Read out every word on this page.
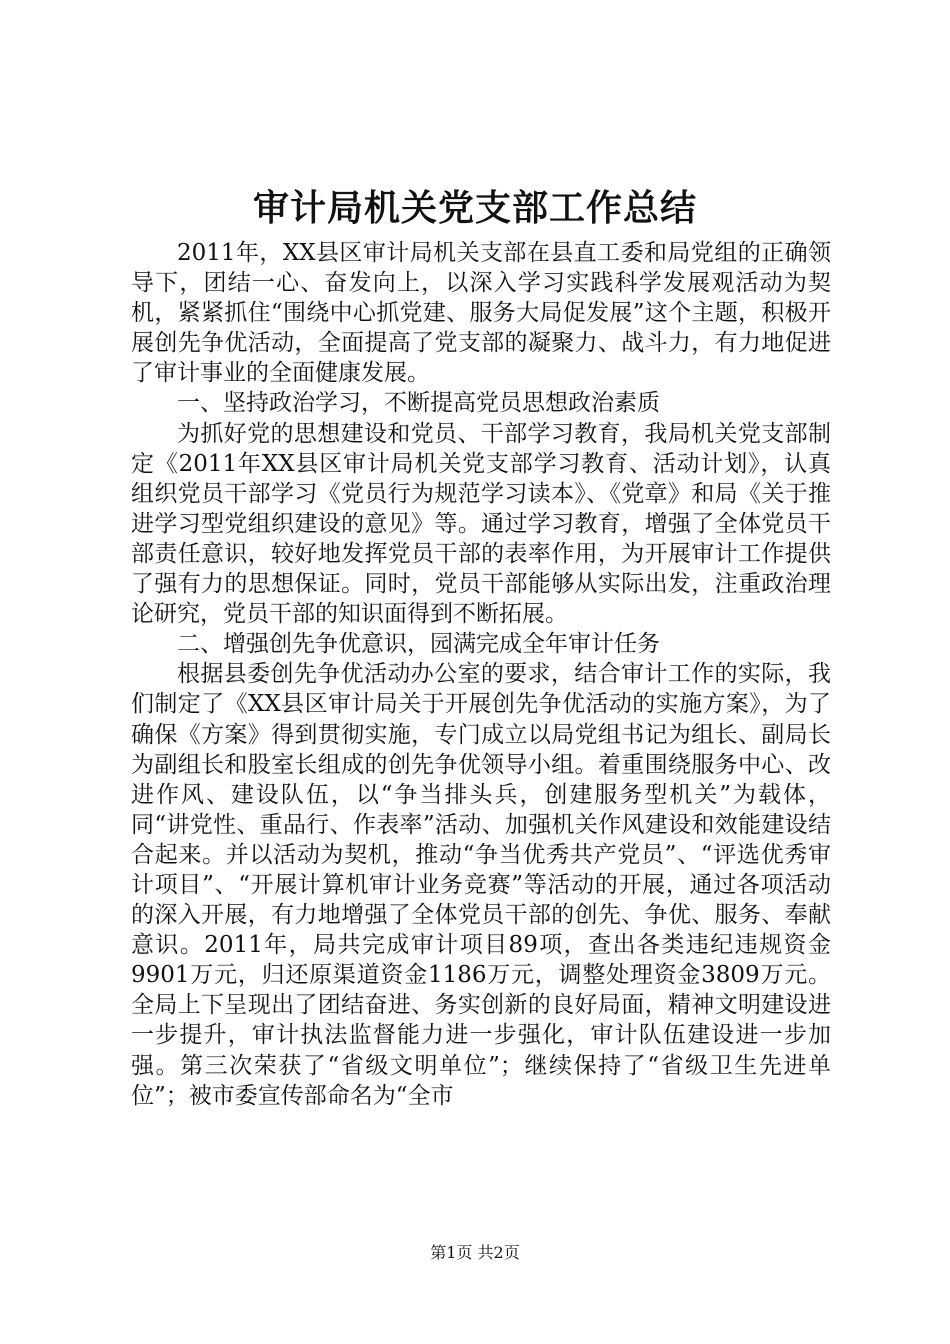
审计局机关党支部工作总结

2011年，XX县区审计局机关支部在县直工委和局党组的正确领导下，团结一心、奋发向上，以深入学习实践科学发展观活动为契机，紧紧抓住“围绕中心抓党建、服务大局促发展”这个主题，积极开展创先争优活动，全面提高了党支部的凝聚力、战斗力，有力地促进了审计事业的全面健康发展。

一、坚持政治学习，不断提高党员思想政治素质

为抓好党的思想建设和党员、干部学习教育，我局机关党支部制定《2011年XX县区审计局机关党支部学习教育、活动计划》，认真组织党员干部学习《党员行为规范学习读本》、《党章》和局《关于推进学习型党组织建设的意见》等。通过学习教育，增强了全体党员干部责任意识，较好地发挥党员干部的表率作用，为开展审计工作提供了强有力的思想保证。同时，党员干部能够从实际出发，注重政治理论研究，党员干部的知识面得到不断拓展。

二、增强创先争优意识，园满完成全年审计任务

根据县委创先争优活动办公室的要求，结合审计工作的实际，我们制定了《XX县区审计局关于开展创先争优活动的实施方案》，为了确保《方案》得到贯彻实施，专门成立以局党组书记为组长、副局长为副组长和股室长组成的创先争优领导小组。着重围绕服务中心、改进作风、建设队伍，以“争当排头兵，创建服务型机关”为载体，同“讲党性、重品行、作表率”活动、加强机关作风建设和效能建设结合起来。并以活动为契机，推动“争当优秀共产党员”、“评选优秀审计项目”、“开展计算机审计业务竞赛”等活动的开展，通过各项活动的深入开展，有力地增强了全体党员干部的创先、争优、服务、奉献意识。2011年，局共完成审计项目89项，查出各类违纪违规资金9901万元，归还原渠道资金1186万元，调整处理资金3809万元。全局上下呈现出了团结奋进、务实创新的良好局面，精神文明建设进一步提升，审计执法监督能力进一步强化，审计队伍建设进一步加强。第三次荣获了“省级文明单位”；继续保持了“省级卫生先进单位”；被市委宣传部命名为“全市

第1页 共2页
